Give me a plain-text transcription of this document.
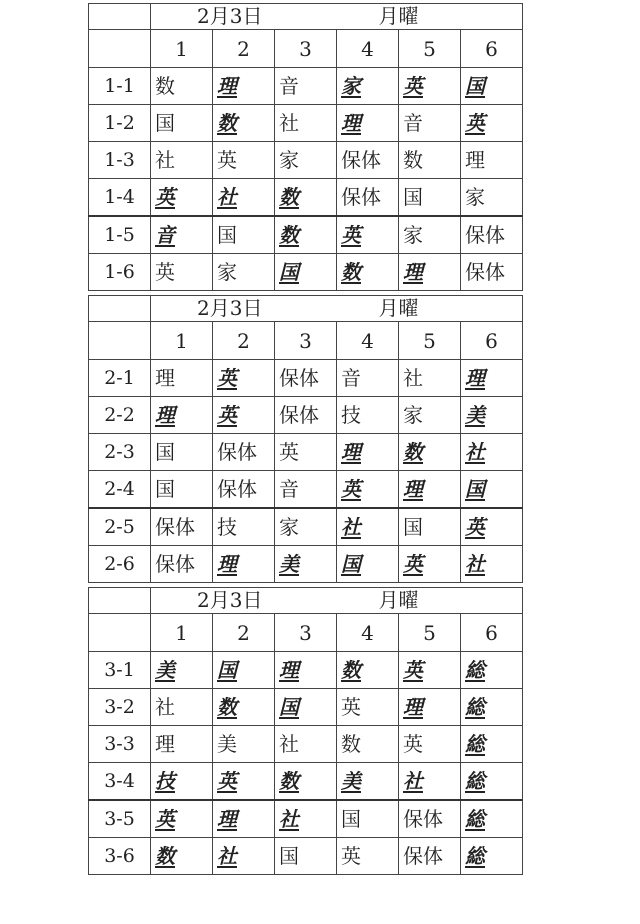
	2月3日 月曜					
	1	2	3	4	5	6
1-1	数	理	音	家	英	国
1-2	国	数	社	理	音	英
1-3	社	英	家	保体	数	理
1-4	英	社	数	保体	国	家
1-5	音	国	数	英	家	保体
1-6	英	家	国	数	理	保体
	2月3日 月曜					
	1	2	3	4	5	6
2-1	理	英	保体	音	社	理
2-2	理	英	保体	技	家	美
2-3	国	保体	英	理	数	社
2-4	国	保体	音	英	理	国
2-5	保体	技	家	社	国	英
2-6	保体	理	美	国	英	社
	2月3日 月曜					
	1	2	3	4	5	6
3-1	美	国	理	数	英	総
3-2	社	数	国	英	理	総
3-3	理	美	社	数	英	総
3-4	技	英	数	美	社	総
3-5	英	理	社	国	保体	総
3-6	数	社	国	英	保体	総
